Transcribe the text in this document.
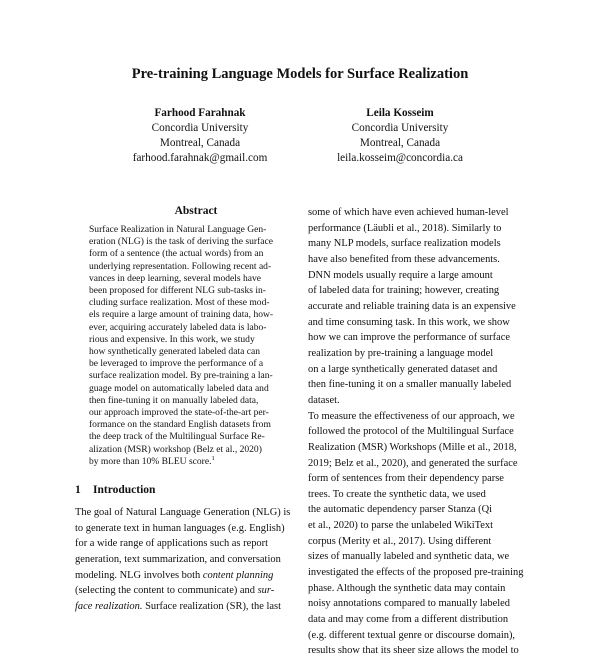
Pre-training Language Models for Surface Realization
Farhood Farahnak
Concordia University
Montreal, Canada
farhood.farahnak@gmail.com
Leila Kosseim
Concordia University
Montreal, Canada
leila.kosseim@concordia.ca
Abstract
Surface Realization in Natural Language Gen-
eration (NLG) is the task of deriving the surface
form of a sentence (the actual words) from an
underlying representation. Following recent ad-
vances in deep learning, several models have
been proposed for different NLG sub-tasks in-
cluding surface realization. Most of these mod-
els require a large amount of training data, how-
ever, acquiring accurately labeled data is labo-
rious and expensive. In this work, we study
how synthetically generated labeled data can
be leveraged to improve the performance of a
surface realization model. By pre-training a lan-
guage model on automatically labeled data and
then fine-tuning it on manually labeled data,
our approach improved the state-of-the-art per-
formance on the standard English datasets from
the deep track of the Multilingual Surface Re-
alization (MSR) workshop (Belz et al., 2020)
by more than 10% BLEU score.$^1$
1 Introduction
The goal of Natural Language Generation (NLG) is
to generate text in human languages (e.g. English)
for a wide range of applications such as report
generation, text summarization, and conversation
modeling. NLG involves both content planning
(selecting the content to communicate) and sur-
face realization. Surface realization (SR), the last
some of which have even achieved human-level
performance (Läubli et al., 2018). Similarly to
many NLP models, surface realization models
have also benefited from these advancements.
DNN models usually require a large amount
of labeled data for training; however, creating
accurate and reliable training data is an expensive
and time consuming task. In this work, we show
how we can improve the performance of surface
realization by pre-training a language model
on a large synthetically generated dataset and
then fine-tuning it on a smaller manually labeled
dataset.
To measure the effectiveness of our approach, we
followed the protocol of the Multilingual Surface
Realization (MSR) Workshops (Mille et al., 2018,
2019; Belz et al., 2020), and generated the surface
form of sentences from their dependency parse
trees. To create the synthetic data, we used
the automatic dependency parser Stanza (Qi
et al., 2020) to parse the unlabeled WikiText
corpus (Merity et al., 2017). Using different
sizes of manually labeled and synthetic data, we
investigated the effects of the proposed pre-training
phase. Although the synthetic data may contain
noisy annotations compared to manually labeled
data and may come from a different distribution
(e.g. different textual genre or discourse domain),
results show that its sheer size allows the model to
